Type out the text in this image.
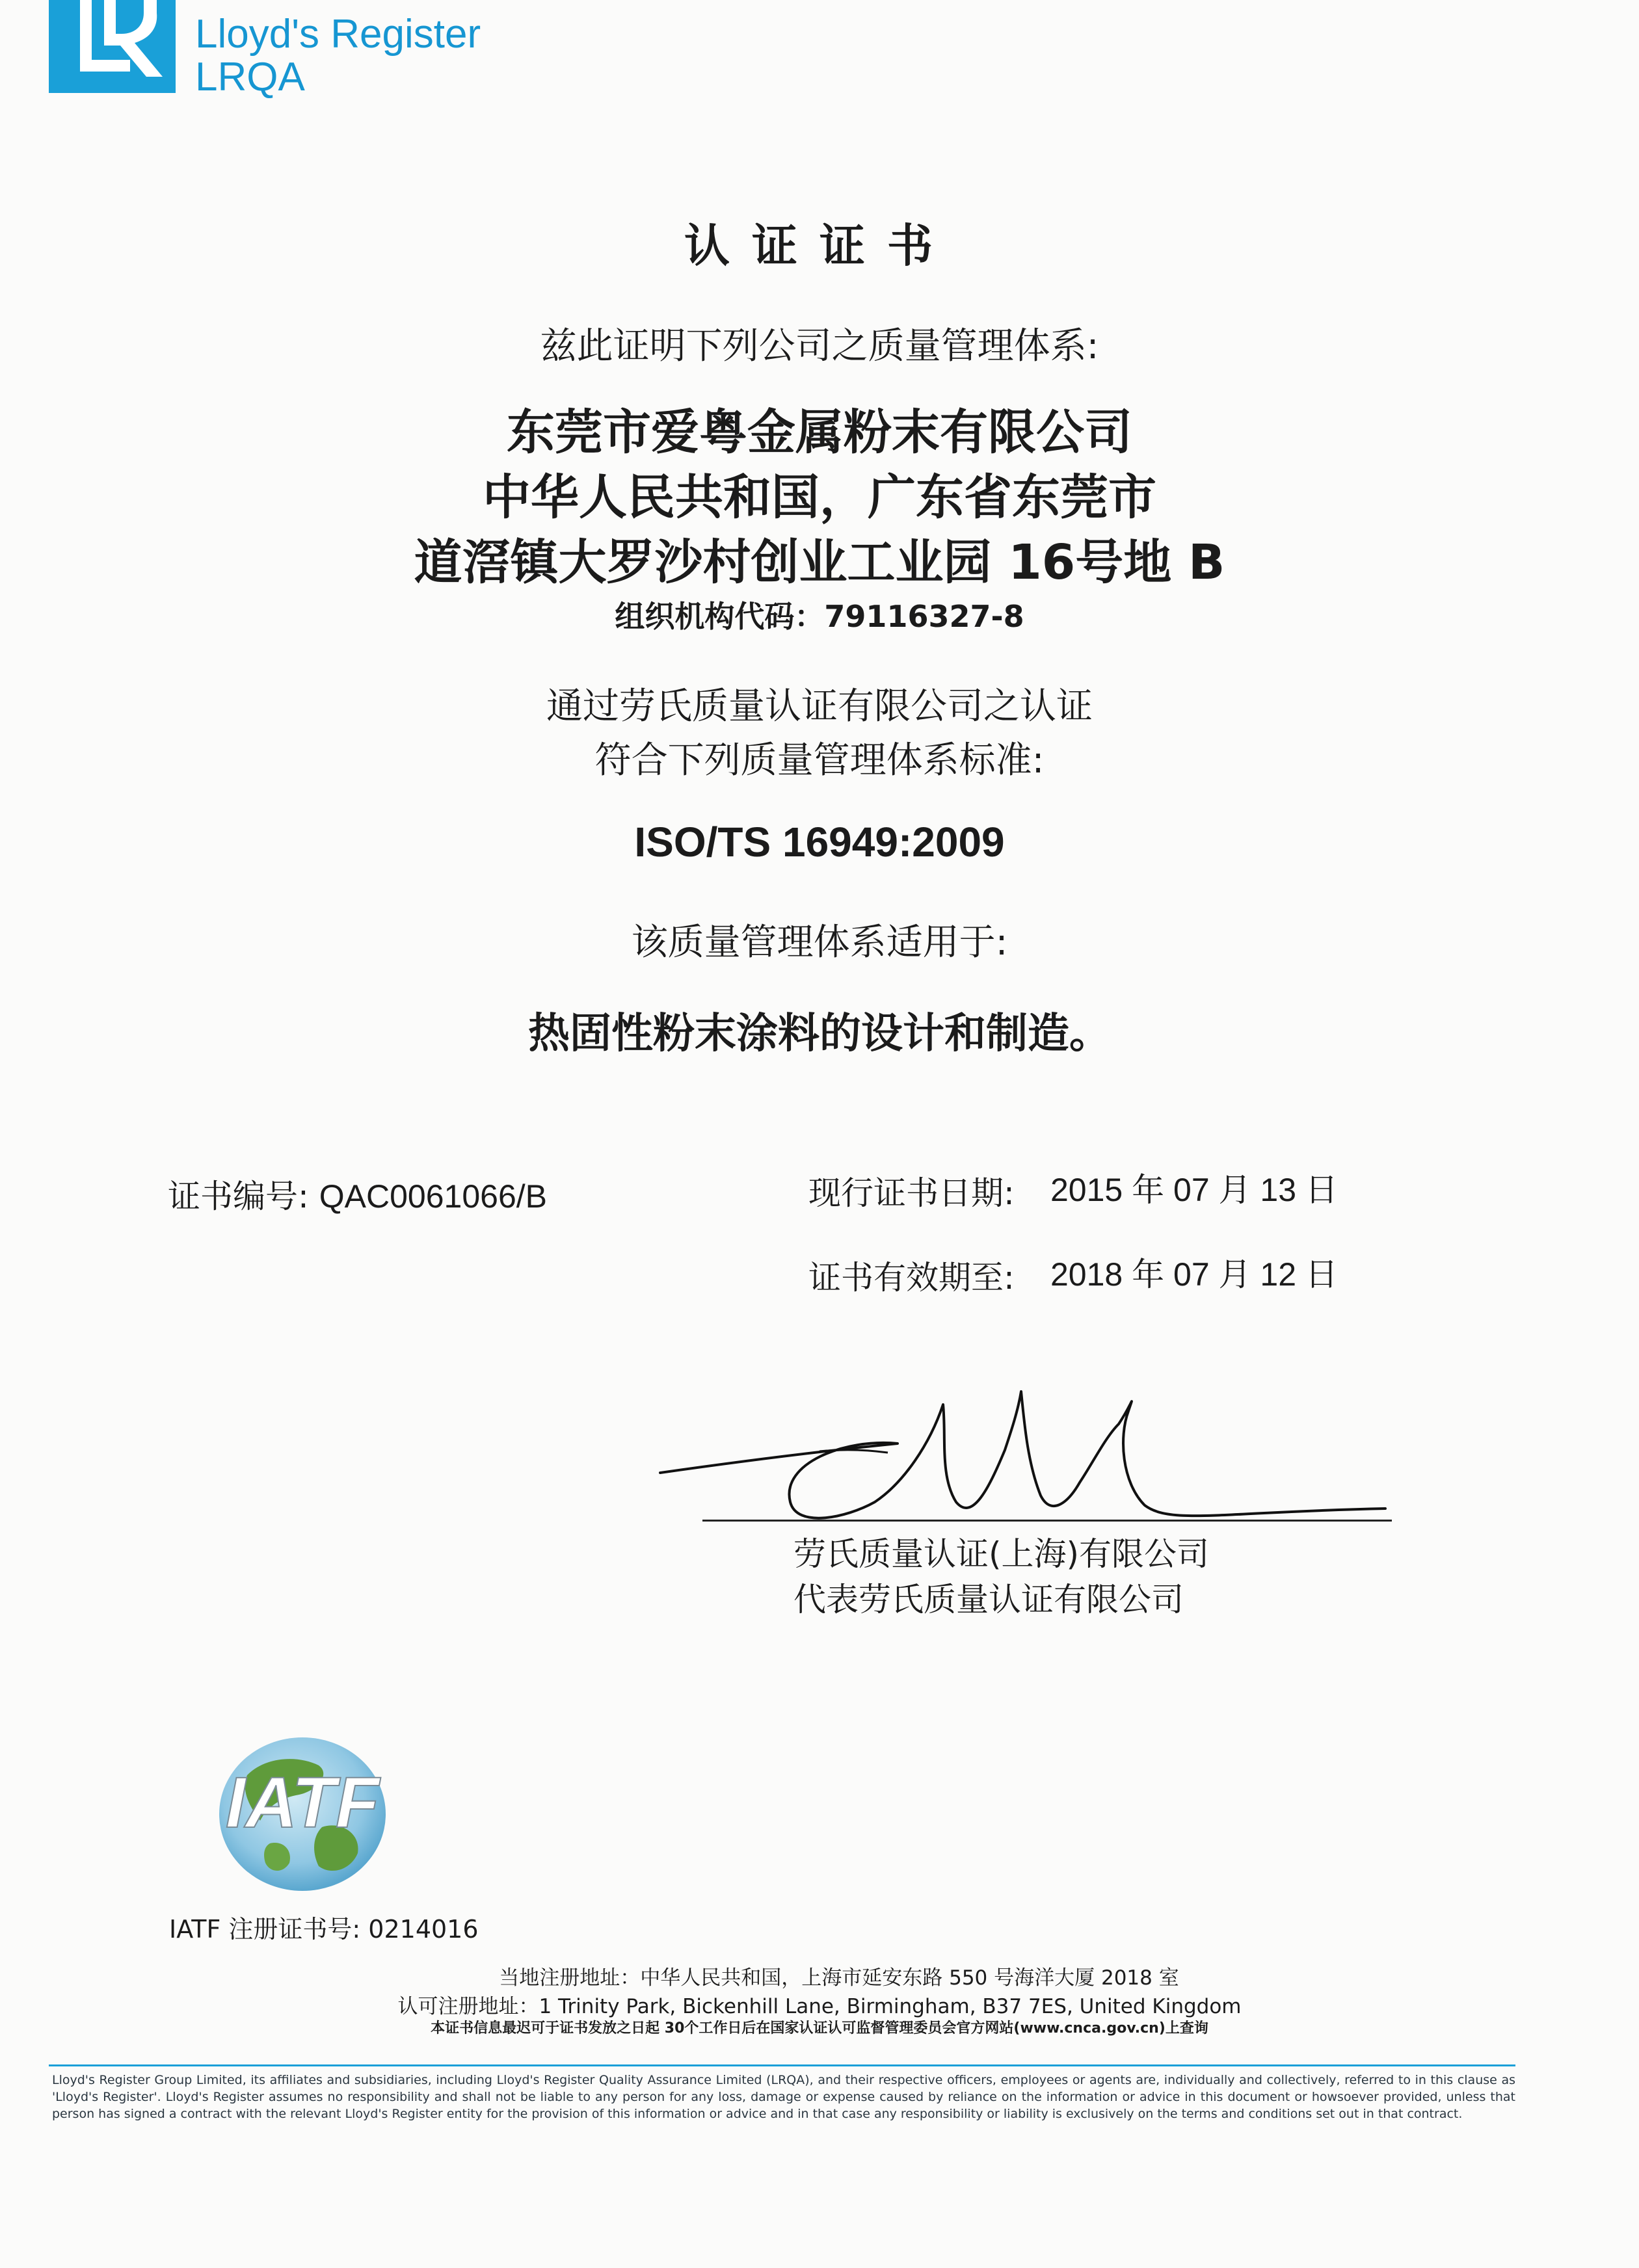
Lloyd's Register
LRQA
认证证书
兹此证明下列公司之质量管理体系:
东莞市爱粤金属粉末有限公司
中华人民共和国，广东省东莞市
道滘镇大罗沙村创业工业园 16号地 B
组织机构代码：79116327-8
通过劳氏质量认证有限公司之认证
符合下列质量管理体系标准:
ISO/TS 16949:2009
该质量管理体系适用于:
热固性粉末涂料的设计和制造。
证书编号: QAC0061066/B	现行证书日期: 2015 年 07 月 13 日
证书有效期至: 2018 年 07 月 12 日
劳氏质量认证(上海)有限公司
代表劳氏质量认证有限公司
IATF
IATF 注册证书号: 0214016
当地注册地址：中华人民共和国，上海市延安东路 550 号海洋大厦 2018 室
认可注册地址：1 Trinity Park, Bickenhill Lane, Birmingham, B37 7ES, United Kingdom
本证书信息最迟可于证书发放之日起 30个工作日后在国家认证认可监督管理委员会官方网站(www.cnca.gov.cn)上查询
Lloyd's Register Group Limited, its affiliates and subsidiaries, including Lloyd's Register Quality Assurance Limited (LRQA), and their respective officers, employees or agents are, individually and collectively, referred to in this clause as 'Lloyd's Register'. Lloyd's Register assumes no responsibility and shall not be liable to any person for any loss, damage or expense caused by reliance on the information or advice in this document or howsoever provided, unless that person has signed a contract with the relevant Lloyd's Register entity for the provision of this information or advice and in that case any responsibility or liability is exclusively on the terms and conditions set out in that contract.
